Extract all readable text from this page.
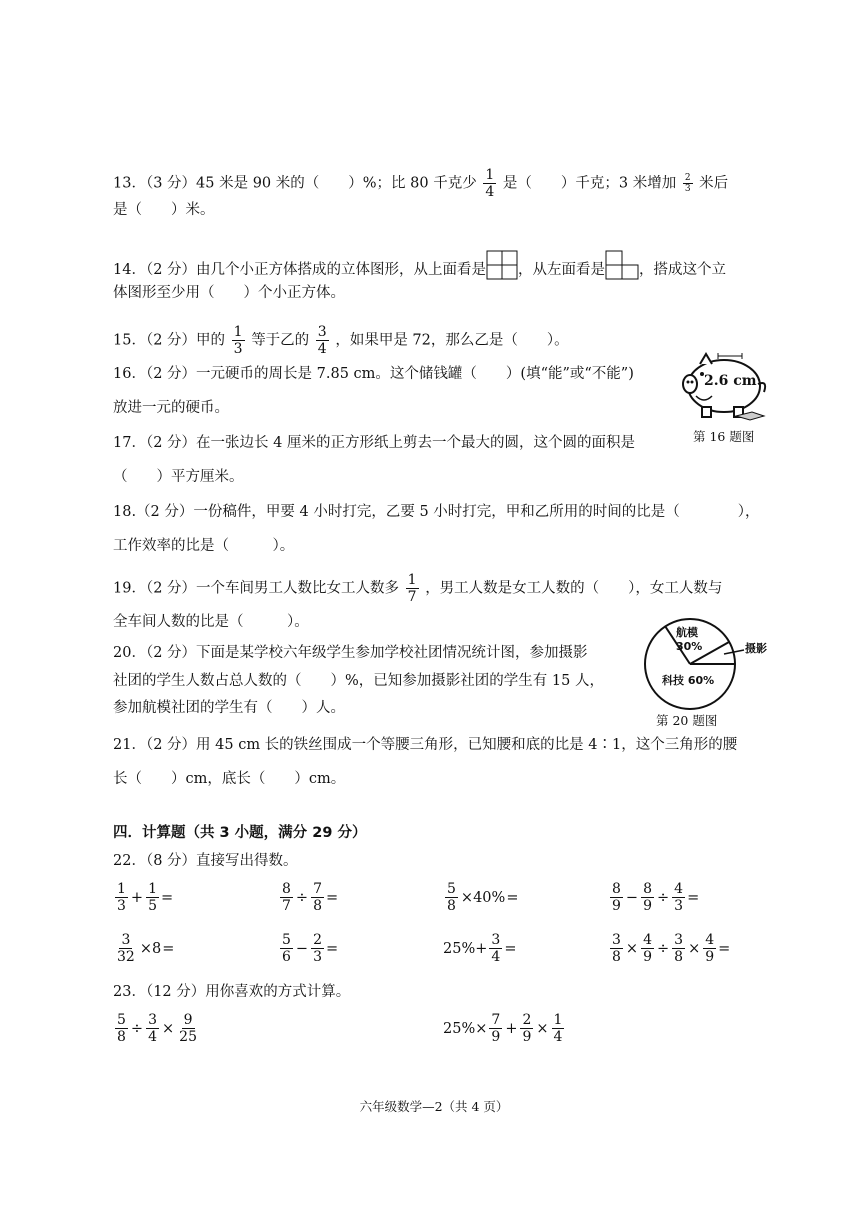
13．（3 分）45 米是 90 米的（　　）%；比 80 千克少 $\frac{1}{4}$ 是（　　）千克；3 米增加 $\frac{2}{3}$ 米后
是（　　）米。
14．（2 分）由几个小正方体搭成的立体图形，从上面看是 ，从左面看是 ，搭成这个立
体图形至少用（　　）个小正方体。
15．（2 分）甲的 $\frac{1}{3}$ 等于乙的 $\frac{3}{4}$ ，如果甲是 72，那么乙是（　　）。
16．（2 分）一元硬币的周长是 7.85 cm。这个储钱罐（　　）(填“能”或“不能”)
放进一元的硬币。
2.6 cm
第 16 题图
17．（2 分）在一张边长 4 厘米的正方形纸上剪去一个最大的圆，这个圆的面积是
（　　）平方厘米。
18.（2 分）一份稿件，甲要 4 小时打完，乙要 5 小时打完，甲和乙所用的时间的比是（　　　　），
工作效率的比是（　　　）。
19．（2 分）一个车间男工人数比女工人数多 $\frac{1}{7}$ ，男工人数是女工人数的（　　），女工人数与
全车间人数的比是（　　　）。
20．（2 分）下面是某学校六年级学生参加学校社团情况统计图，参加摄影
社团的学生人数占总人数的（　　）%，已知参加摄影社团的学生有 15 人，
参加航模社团的学生有（　　）人。
航模
30%
科技 60%
摄影
第 20 题图
21．（2 分）用 45 cm 长的铁丝围成一个等腰三角形，已知腰和底的比是 4∶1，这个三角形的腰
长（　　）cm，底长（　　）cm。
四．计算题（共 3 小题，满分 29 分）
22．（8 分）直接写出得数。
$\frac{1}{3} + \frac{1}{5}$ =	$\frac{8}{7} \div \frac{7}{8}$ =	$\frac{5}{8} \times 40\%$ =	$\frac{8}{9} - \frac{8}{9} \div \frac{4}{3}$ =
$\frac{3}{32} \times 8$ =	$\frac{5}{6} - \frac{2}{3}$ =	$25\%+ \frac{3}{4}$ =	$\frac{3}{8} \times \frac{4}{9} \div \frac{3}{8} \times \frac{4}{9}$ =
23．（12 分）用你喜欢的方式计算。
$\frac{5}{8} \div \frac{3}{4} \times \frac{9}{25}$	$25\%\times \frac{7}{9} + \frac{2}{9} \times \frac{1}{4}$
六年级数学—2（共 4 页）
